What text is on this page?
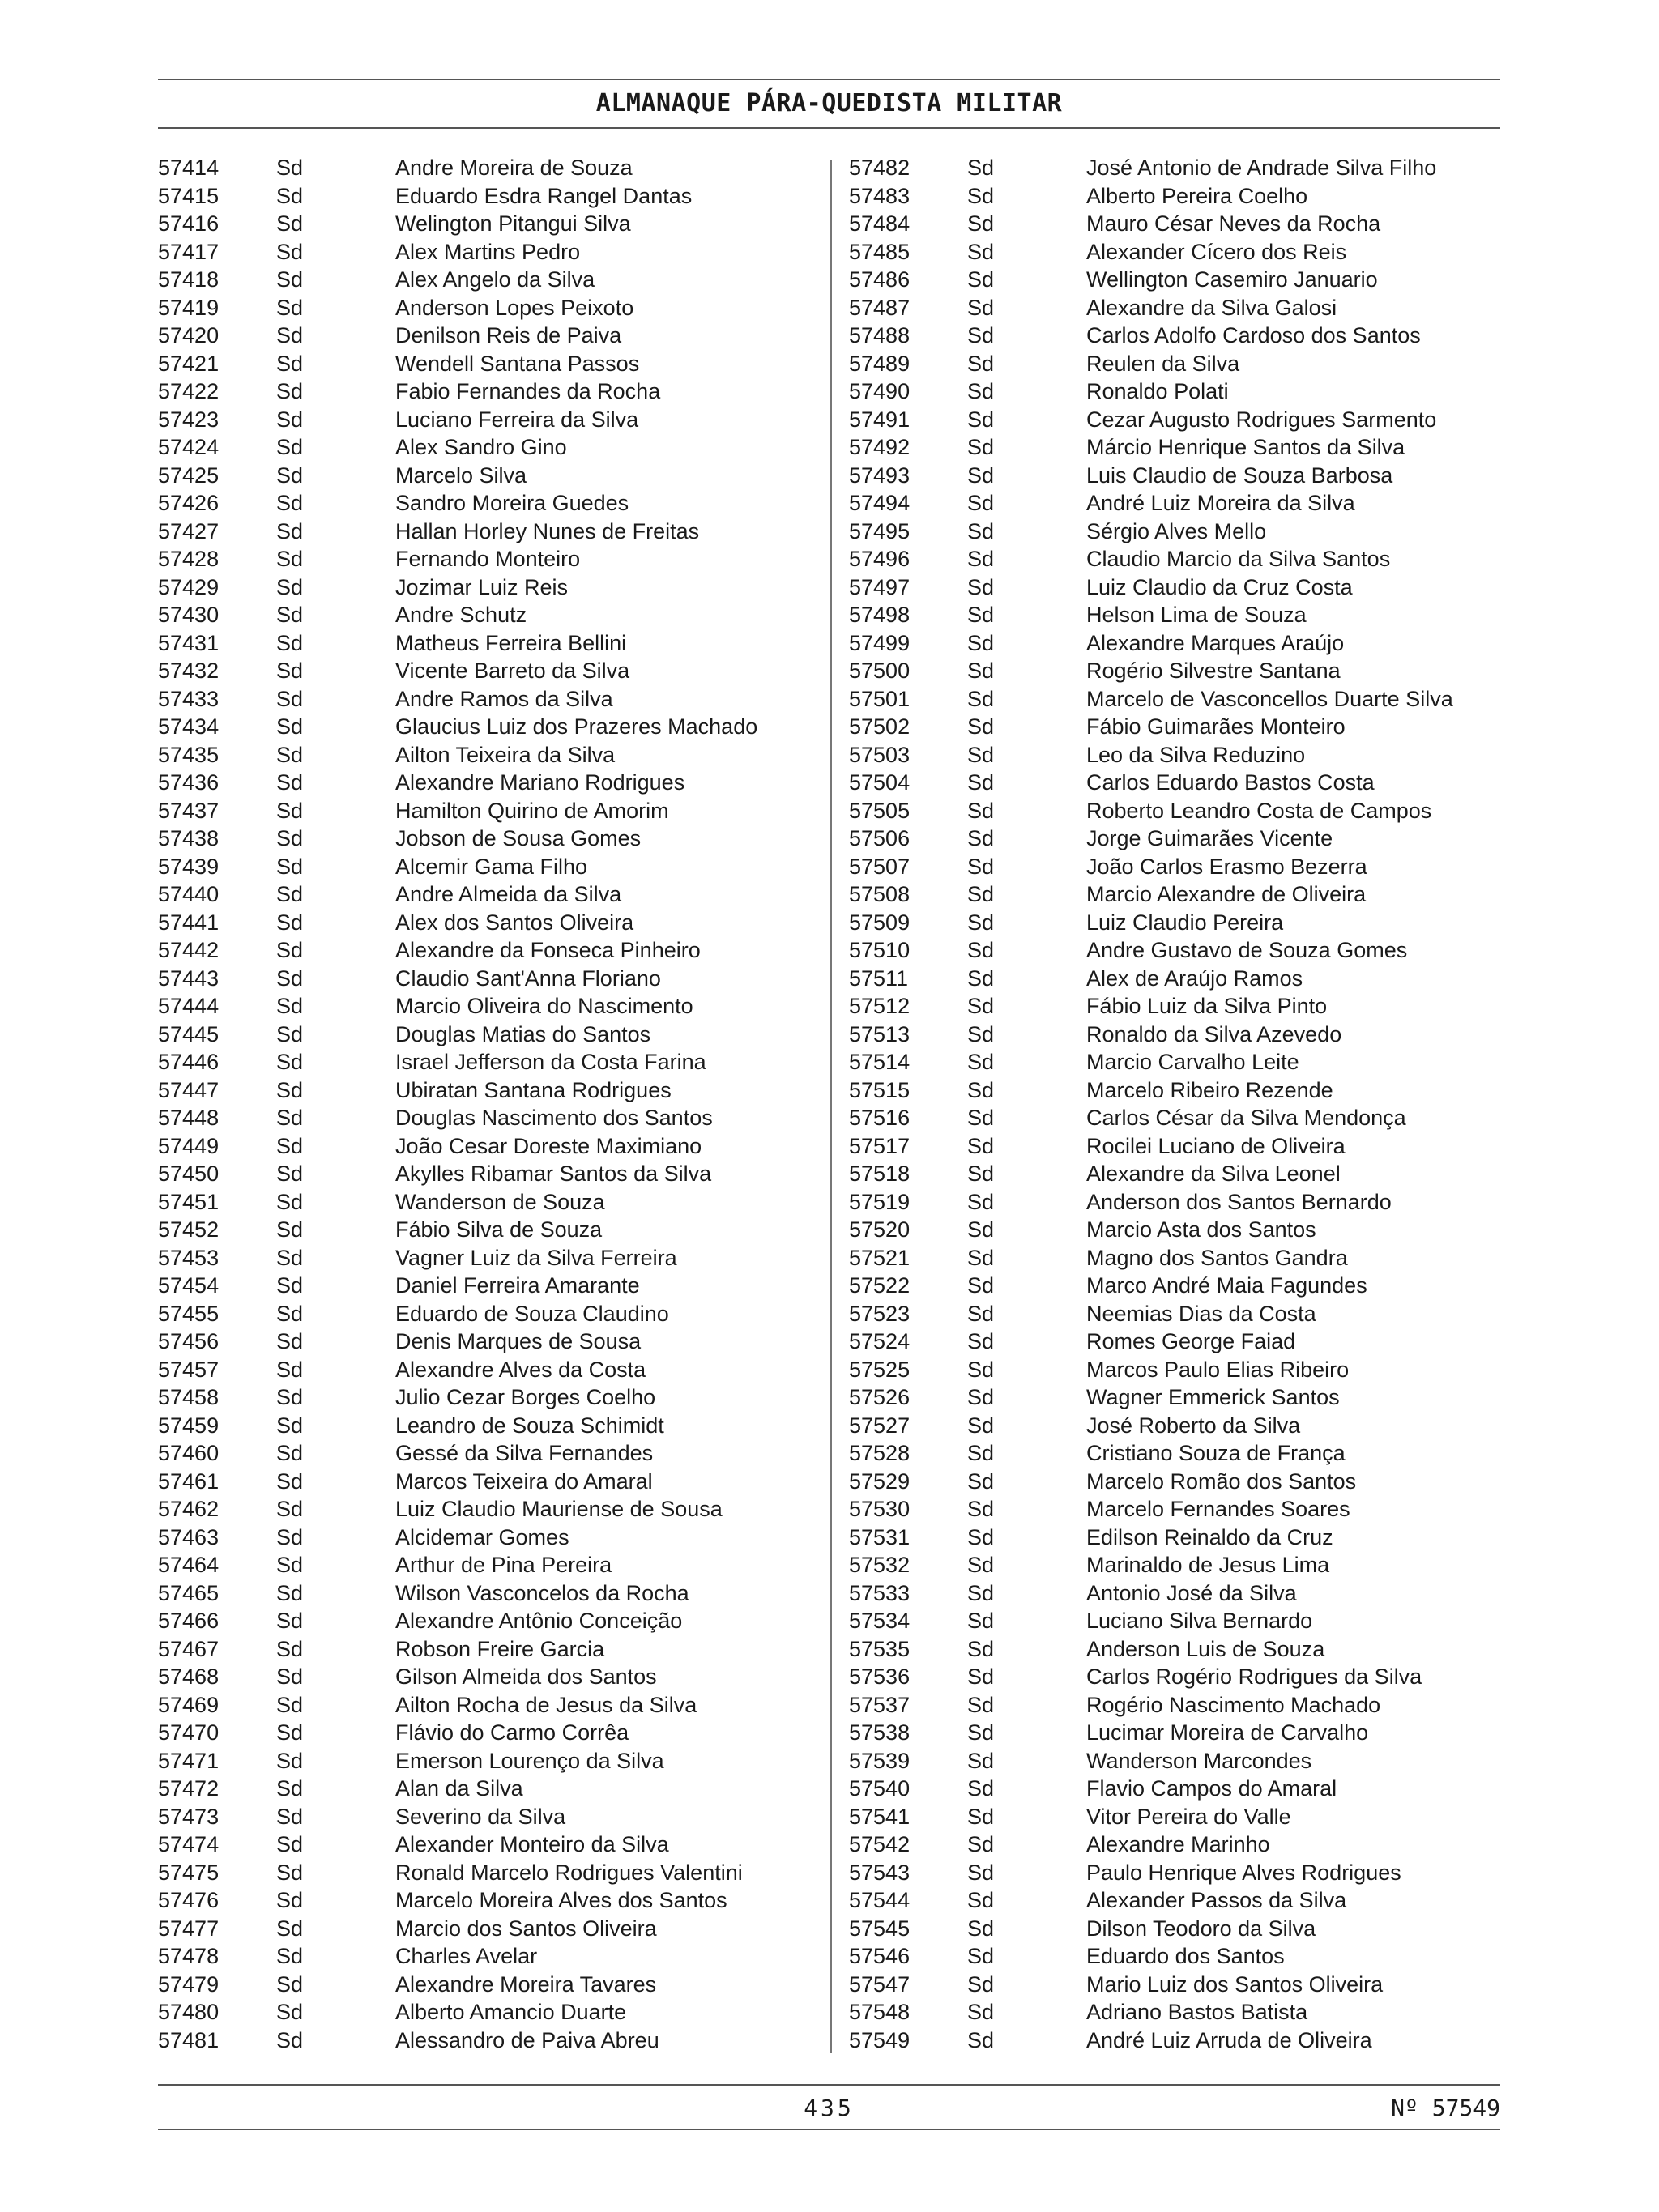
ALMANAQUE PÁRA-QUEDISTA MILITAR
57414	Sd	Andre Moreira de Souza
57415	Sd	Eduardo Esdra Rangel Dantas
57416	Sd	Welington Pitangui Silva
57417	Sd	Alex Martins Pedro
57418	Sd	Alex Angelo da Silva
57419	Sd	Anderson Lopes Peixoto
57420	Sd	Denilson Reis de Paiva
57421	Sd	Wendell Santana Passos
57422	Sd	Fabio Fernandes da Rocha
57423	Sd	Luciano Ferreira da Silva
57424	Sd	Alex Sandro Gino
57425	Sd	Marcelo Silva
57426	Sd	Sandro Moreira Guedes
57427	Sd	Hallan Horley Nunes de Freitas
57428	Sd	Fernando Monteiro
57429	Sd	Jozimar Luiz Reis
57430	Sd	Andre Schutz
57431	Sd	Matheus Ferreira Bellini
57432	Sd	Vicente Barreto da Silva
57433	Sd	Andre Ramos da Silva
57434	Sd	Glaucius Luiz dos Prazeres Machado
57435	Sd	Ailton Teixeira da Silva
57436	Sd	Alexandre Mariano Rodrigues
57437	Sd	Hamilton Quirino de Amorim
57438	Sd	Jobson de Sousa Gomes
57439	Sd	Alcemir Gama Filho
57440	Sd	Andre Almeida da Silva
57441	Sd	Alex dos Santos Oliveira
57442	Sd	Alexandre da Fonseca Pinheiro
57443	Sd	Claudio Sant'Anna Floriano
57444	Sd	Marcio Oliveira do Nascimento
57445	Sd	Douglas Matias do Santos
57446	Sd	Israel Jefferson da Costa Farina
57447	Sd	Ubiratan Santana Rodrigues
57448	Sd	Douglas Nascimento dos Santos
57449	Sd	João Cesar Doreste Maximiano
57450	Sd	Akylles Ribamar Santos da Silva
57451	Sd	Wanderson de Souza
57452	Sd	Fábio Silva de Souza
57453	Sd	Vagner Luiz da Silva Ferreira
57454	Sd	Daniel Ferreira Amarante
57455	Sd	Eduardo de Souza Claudino
57456	Sd	Denis Marques de Sousa
57457	Sd	Alexandre Alves da Costa
57458	Sd	Julio Cezar Borges Coelho
57459	Sd	Leandro de Souza Schimidt
57460	Sd	Gessé da Silva Fernandes
57461	Sd	Marcos Teixeira do Amaral
57462	Sd	Luiz Claudio Mauriense de Sousa
57463	Sd	Alcidemar Gomes
57464	Sd	Arthur de Pina Pereira
57465	Sd	Wilson Vasconcelos da Rocha
57466	Sd	Alexandre Antônio Conceição
57467	Sd	Robson Freire Garcia
57468	Sd	Gilson Almeida dos Santos
57469	Sd	Ailton Rocha de Jesus da Silva
57470	Sd	Flávio do Carmo Corrêa
57471	Sd	Emerson Lourenço da Silva
57472	Sd	Alan da Silva
57473	Sd	Severino da Silva
57474	Sd	Alexander Monteiro da Silva
57475	Sd	Ronald Marcelo Rodrigues Valentini
57476	Sd	Marcelo Moreira Alves dos Santos
57477	Sd	Marcio dos Santos Oliveira
57478	Sd	Charles Avelar
57479	Sd	Alexandre Moreira Tavares
57480	Sd	Alberto Amancio Duarte
57481	Sd	Alessandro de Paiva Abreu
57482	Sd	José Antonio de Andrade Silva Filho
57483	Sd	Alberto Pereira Coelho
57484	Sd	Mauro César Neves da Rocha
57485	Sd	Alexander Cícero dos Reis
57486	Sd	Wellington Casemiro Januario
57487	Sd	Alexandre da Silva Galosi
57488	Sd	Carlos Adolfo Cardoso dos Santos
57489	Sd	Reulen da Silva
57490	Sd	Ronaldo Polati
57491	Sd	Cezar Augusto Rodrigues Sarmento
57492	Sd	Márcio Henrique Santos da Silva
57493	Sd	Luis Claudio de Souza Barbosa
57494	Sd	André Luiz Moreira da Silva
57495	Sd	Sérgio Alves Mello
57496	Sd	Claudio Marcio da Silva Santos
57497	Sd	Luiz Claudio da Cruz Costa
57498	Sd	Helson Lima de Souza
57499	Sd	Alexandre Marques Araújo
57500	Sd	Rogério Silvestre Santana
57501	Sd	Marcelo de Vasconcellos Duarte Silva
57502	Sd	Fábio Guimarães Monteiro
57503	Sd	Leo da Silva Reduzino
57504	Sd	Carlos Eduardo Bastos Costa
57505	Sd	Roberto Leandro Costa de Campos
57506	Sd	Jorge Guimarães Vicente
57507	Sd	João Carlos Erasmo Bezerra
57508	Sd	Marcio Alexandre de Oliveira
57509	Sd	Luiz Claudio Pereira
57510	Sd	Andre Gustavo de Souza Gomes
57511	Sd	Alex de Araújo Ramos
57512	Sd	Fábio Luiz da Silva Pinto
57513	Sd	Ronaldo da Silva Azevedo
57514	Sd	Marcio Carvalho Leite
57515	Sd	Marcelo Ribeiro Rezende
57516	Sd	Carlos César da Silva Mendonça
57517	Sd	Rocilei Luciano de Oliveira
57518	Sd	Alexandre da Silva Leonel
57519	Sd	Anderson dos Santos Bernardo
57520	Sd	Marcio Asta dos Santos
57521	Sd	Magno dos Santos Gandra
57522	Sd	Marco André Maia Fagundes
57523	Sd	Neemias Dias da Costa
57524	Sd	Romes George Faiad
57525	Sd	Marcos Paulo Elias Ribeiro
57526	Sd	Wagner Emmerick Santos
57527	Sd	José Roberto da Silva
57528	Sd	Cristiano Souza de França
57529	Sd	Marcelo Romão dos Santos
57530	Sd	Marcelo Fernandes Soares
57531	Sd	Edilson Reinaldo da Cruz
57532	Sd	Marinaldo de Jesus Lima
57533	Sd	Antonio José da Silva
57534	Sd	Luciano Silva Bernardo
57535	Sd	Anderson Luis de Souza
57536	Sd	Carlos Rogério Rodrigues da Silva
57537	Sd	Rogério Nascimento Machado
57538	Sd	Lucimar Moreira de Carvalho
57539	Sd	Wanderson Marcondes
57540	Sd	Flavio Campos do Amaral
57541	Sd	Vitor Pereira do Valle
57542	Sd	Alexandre Marinho
57543	Sd	Paulo Henrique Alves Rodrigues
57544	Sd	Alexander Passos da Silva
57545	Sd	Dilson Teodoro da Silva
57546	Sd	Eduardo dos Santos
57547	Sd	Mario Luiz dos Santos Oliveira
57548	Sd	Adriano Bastos Batista
57549	Sd	André Luiz Arruda de Oliveira
435	Nº 57549
